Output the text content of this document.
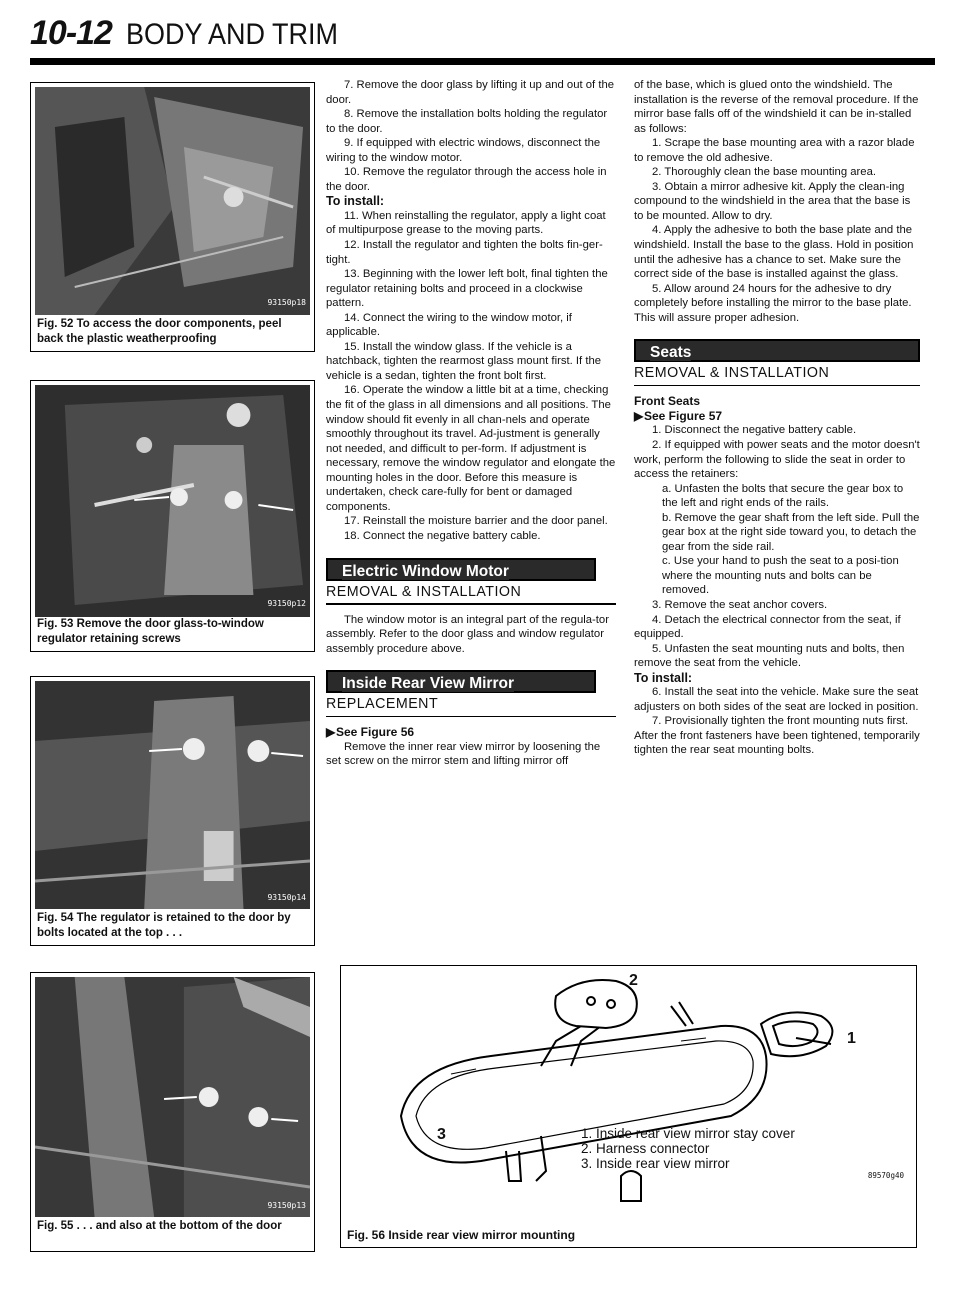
10-12 BODY AND TRIM
93150p18
Fig. 52 To access the door components, peel back the plastic weatherproofing
93150p12
Fig. 53 Remove the door glass-to-window regulator retaining screws
93150p14
Fig. 54 The regulator is retained to the door by bolts located at the top . . .
93150p13
Fig. 55 . . . and also at the bottom of the door

7. Remove the door glass by lifting it up and out of the door.

8. Remove the installation bolts holding the regulator to the door.

9. If equipped with electric windows, disconnect the wiring to the window motor.

10. Remove the regulator through the access hole in the door.

To install:

11. When reinstalling the regulator, apply a light coat of multipurpose grease to the moving parts.

12. Install the regulator and tighten the bolts fin-ger-tight.

13. Beginning with the lower left bolt, final tighten the regulator retaining bolts and proceed in a clockwise pattern.

14. Connect the wiring to the window motor, if applicable.

15. Install the window glass. If the vehicle is a hatchback, tighten the rearmost glass mount first. If the vehicle is a sedan, tighten the front bolt first.

16. Operate the window a little bit at a time, checking the fit of the glass in all dimensions and all positions. The window should fit evenly in all chan-nels and operate smoothly throughout its travel. Ad-justment is generally not needed, and difficult to per-form. If adjustment is necessary, remove the window regulator and elongate the mounting holes in the door. Before this measure is undertaken, check care-fully for bent or damaged components.

17. Reinstall the moisture barrier and the door panel.

18. Connect the negative battery cable.

Electric Window Motor

REMOVAL & INSTALLATION

The window motor is an integral part of the regula-tor assembly. Refer to the door glass and window regulator assembly procedure above.

Inside Rear View Mirror

REPLACEMENT

▶See Figure 56

Remove the inner rear view mirror by loosening the set screw on the mirror stem and lifting mirror off

of the base, which is glued onto the windshield. The installation is the reverse of the removal procedure. If the mirror base falls off of the windshield it can be in-stalled as follows:

1. Scrape the base mounting area with a razor blade to remove the old adhesive.

2. Thoroughly clean the base mounting area.

3. Obtain a mirror adhesive kit. Apply the clean-ing compound to the windshield in the area that the base is to be mounted. Allow to dry.

4. Apply the adhesive to both the base plate and the windshield. Install the base to the glass. Hold in position until the adhesive has a chance to set. Make sure the correct side of the base is installed against the glass.

5. Allow around 24 hours for the adhesive to dry completely before installing the mirror to the base plate. This will assure proper adhesion.

Seats

REMOVAL & INSTALLATION

Front Seats

▶See Figure 57

1. Disconnect the negative battery cable.

2. If equipped with power seats and the motor doesn't work, perform the following to slide the seat in order to access the retainers:

a. Unfasten the bolts that secure the gear box to the left and right ends of the rails.

b. Remove the gear shaft from the left side. Pull the gear box at the right side toward you, to detach the gear from the side rail.

c. Use your hand to push the seat to a posi-tion where the mounting nuts and bolts can be removed.

3. Remove the seat anchor covers.

4. Detach the electrical connector from the seat, if equipped.

5. Unfasten the seat mounting nuts and bolts, then remove the seat from the vehicle.

To install:

6. Install the seat into the vehicle. Make sure the seat adjusters on both sides of the seat are locked in position.

7. Provisionally tighten the front mounting nuts first. After the front fasteners have been tightened, temporarily tighten the rear seat mounting bolts.

2
1
3	1. Inside rear view mirror stay cover
2. Harness connector
3. Inside rear view mirror
89570g40
Fig. 56 Inside rear view mirror mounting
